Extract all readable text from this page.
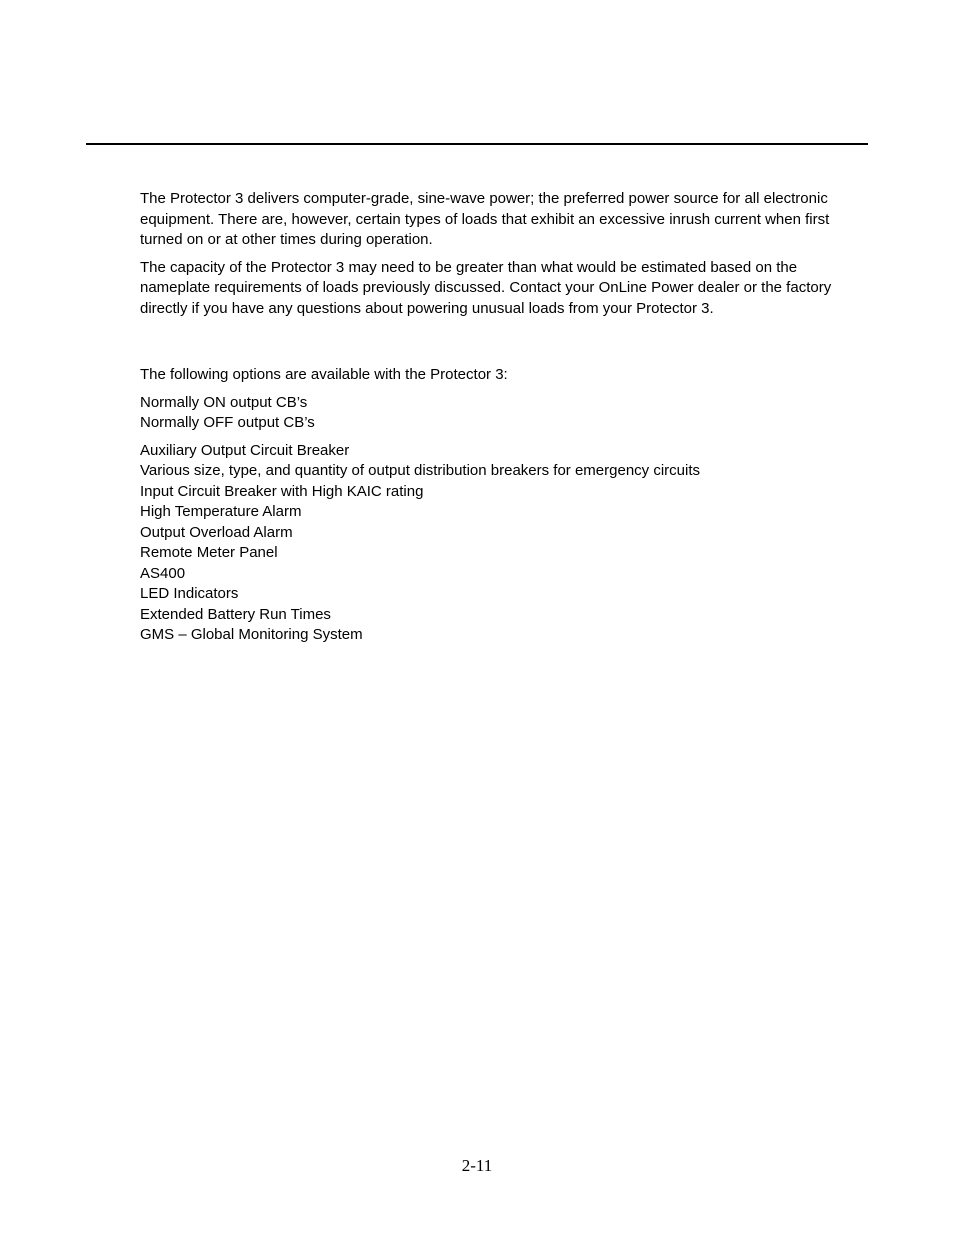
The Protector 3 delivers computer-grade, sine-wave power; the preferred power source for all electronic equipment. There are, however, certain types of loads that exhibit an excessive inrush current when first turned on or at other times during operation.

The capacity of the Protector 3 may need to be greater than what would be estimated based on the nameplate requirements of loads previously discussed. Contact your OnLine Power dealer or the factory directly if you have any questions about powering unusual loads from your Protector 3.

The following options are available with the Protector 3:

Normally ON output CB’s
Normally OFF output CB’s
Auxiliary Output Circuit Breaker
Various size, type, and quantity of output distribution breakers for emergency circuits
Input Circuit Breaker with High KAIC rating
High Temperature Alarm
Output Overload Alarm
Remote Meter Panel
AS400
LED Indicators
Extended Battery Run Times
GMS – Global Monitoring System
2-11
